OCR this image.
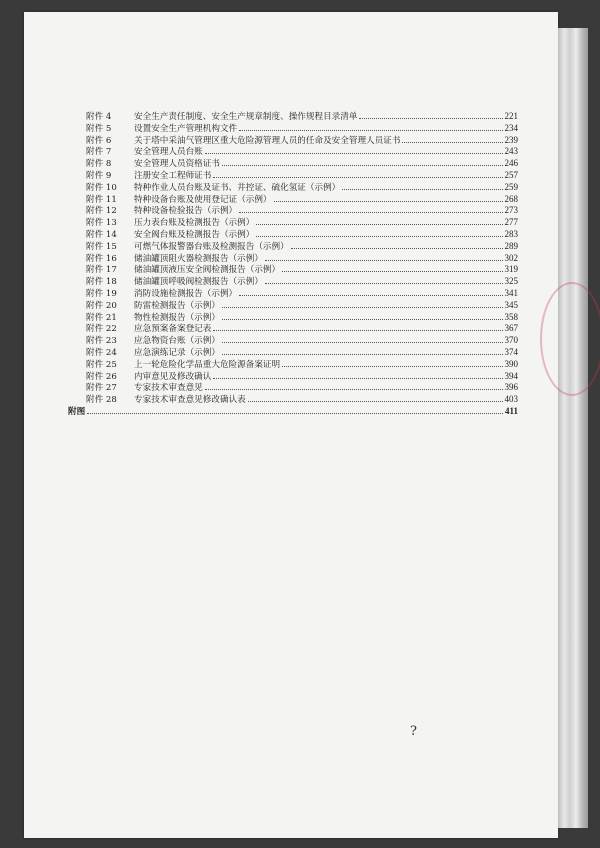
附件 4	安全生产责任制度、安全生产规章制度、操作规程目录清单	221
附件 5	设置安全生产管理机构文件	234
附件 6	关于塔中采油气管理区重大危险源管理人员的任命及安全管理人员证书	239
附件 7	安全管理人员台账	243
附件 8	安全管理人员资格证书	246
附件 9	注册安全工程师证书	257
附件 10 特种作业人员台账及证书、井控证、硫化氢证（示例）	259
附件 11 特种设备台账及使用登记证（示例）	268
附件 12 特种设备检验报告（示例）	273
附件 13 压力表台账及检测报告（示例）	277
附件 14 安全阀台账及检测报告（示例）	283
附件 15 可燃气体报警器台账及检测报告（示例）	289
附件 16 储油罐顶阻火器检测报告（示例）	302
附件 17 储油罐顶液压安全阀检测报告（示例）	319
附件 18 储油罐顶呼吸阀检测报告（示例）	325
附件 19 消防设施检测报告（示例）	341
附件 20 防雷检测报告（示例）	345
附件 21 物性检测报告（示例）	358
附件 22 应急预案备案登记表	367
附件 23 应急物资台账（示例）	370
附件 24 应急演练记录（示例）	374
附件 25 上一轮危险化学品重大危险源备案证明	390
附件 26 内审意见及修改确认	394
附件 27 专家技术审查意见	396
附件 28 专家技术审查意见修改确认表	403
附图	411
?
